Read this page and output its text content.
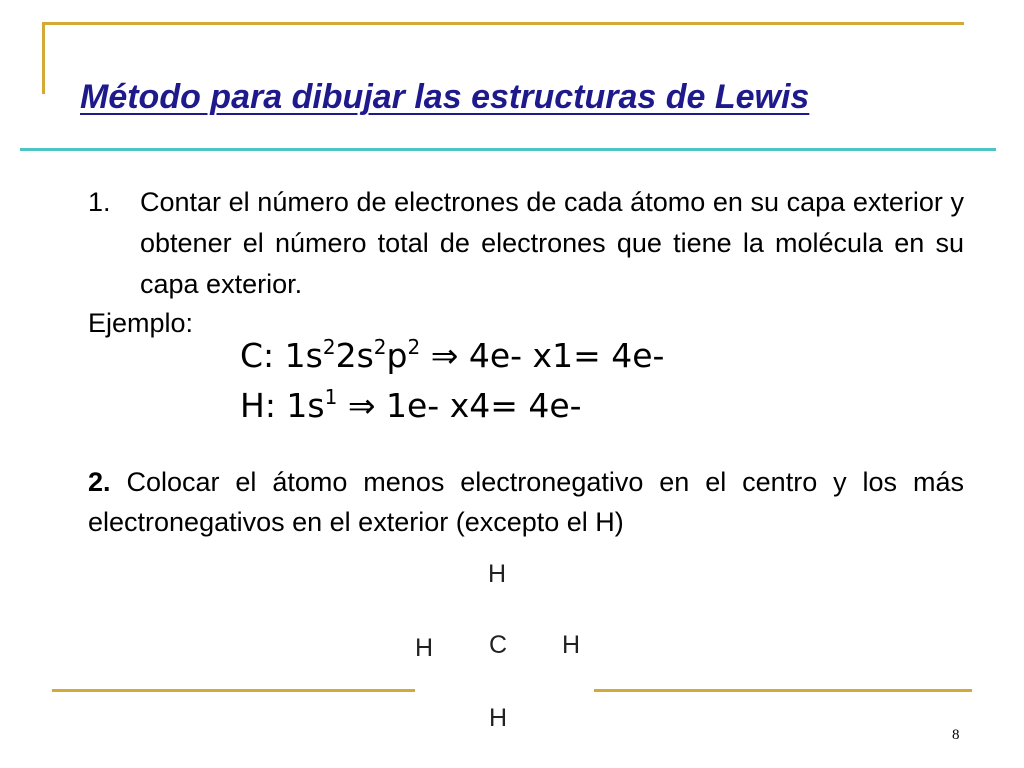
Método para dibujar las estructuras de Lewis
1. Contar el número de electrones de cada átomo en su capa exterior y obtener el número total de electrones que tiene la molécula en su capa exterior.
Ejemplo:
C: $1s^22s^2p^2$ ⇒ 4e- x1= 4e-
H: $1s^1$ ⇒ 1e- x4= 4e-
2. Colocar el átomo menos electronegativo en el centro y los más electronegativos en el exterior (excepto el H)
H
H C H
H
8
